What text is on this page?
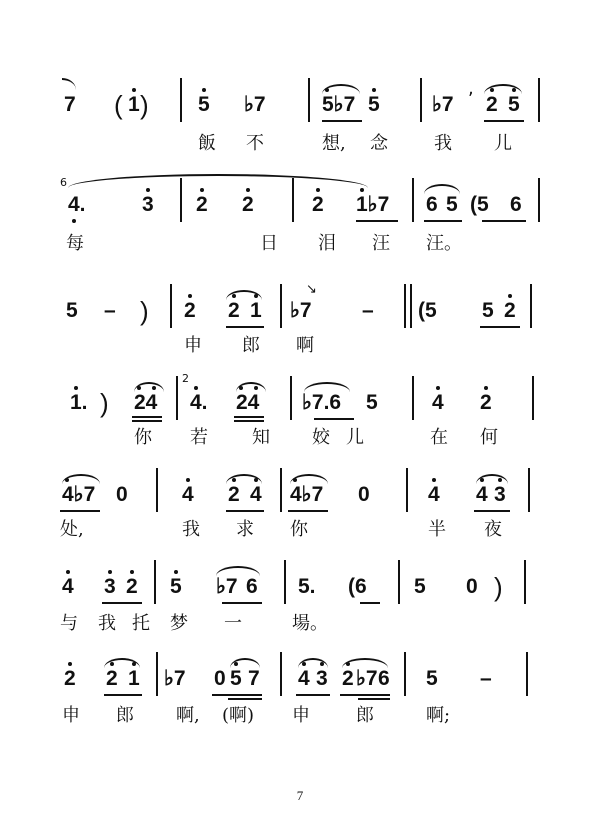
7 ( 1 ) 5 ♭7	5♭7 5 ♭7
,
2 5
飯 不	想, 念	我 儿
6
4.	3 2 2	2 1♭7 6 5 (5 6
每	日 泪 汪 汪。
5 – ) 2 2 1 ♭7
↘
– (5 5 2
申 郎 啊
1. ) 24
2
4. 24 ♭7.6 5	4 2
你 若 知 姣 儿	在 何
4♭7 0	4 2 4 4♭7 0	4 4 3
处,	我 求 你	半 夜
4 3 2 5 ♭7 6 5. (6 5 0 )
与 我 托 梦 一	場。
2 2 1 ♭7 0 5 7 4 3 2 ♭7 6 5 –
申 郎 啊, (啊) 申	郎	啊;
7
